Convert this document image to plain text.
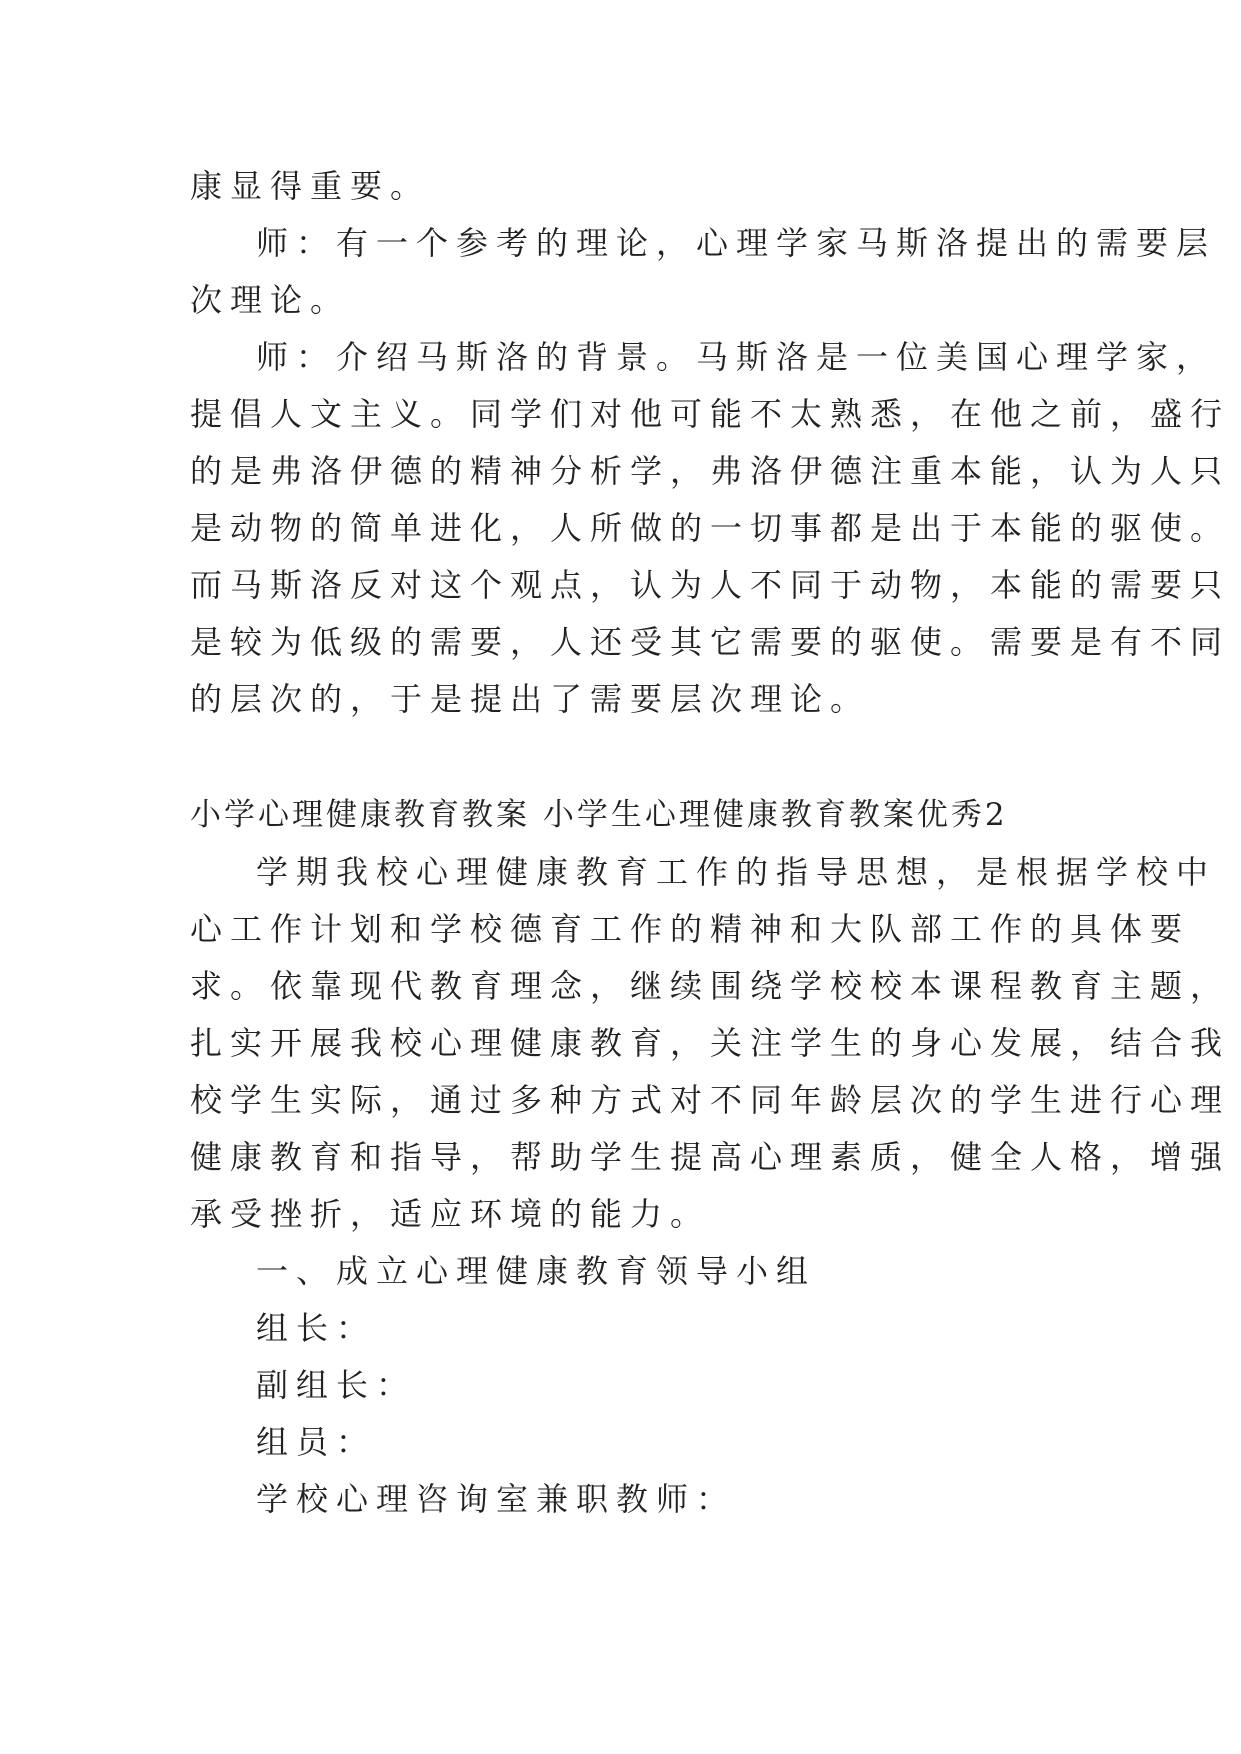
康显得重要。

师：有一个参考的理论，心理学家马斯洛提出的需要层

次理论。

师：介绍马斯洛的背景。马斯洛是一位美国心理学家，

提倡人文主义。同学们对他可能不太熟悉，在他之前，盛行

的是弗洛伊德的精神分析学，弗洛伊德注重本能，认为人只

是动物的简单进化，人所做的一切事都是出于本能的驱使。

而马斯洛反对这个观点，认为人不同于动物，本能的需要只

是较为低级的需要，人还受其它需要的驱使。需要是有不同

的层次的，于是提出了需要层次理论。

小学心理健康教育教案 小学生心理健康教育教案优秀2

学期我校心理健康教育工作的指导思想，是根据学校中

心工作计划和学校德育工作的精神和大队部工作的具体要

求。依靠现代教育理念，继续围绕学校校本课程教育主题，

扎实开展我校心理健康教育，关注学生的身心发展，结合我

校学生实际，通过多种方式对不同年龄层次的学生进行心理

健康教育和指导，帮助学生提高心理素质，健全人格，增强

承受挫折，适应环境的能力。

一、成立心理健康教育领导小组

组长：

副组长：

组员：

学校心理咨询室兼职教师：
